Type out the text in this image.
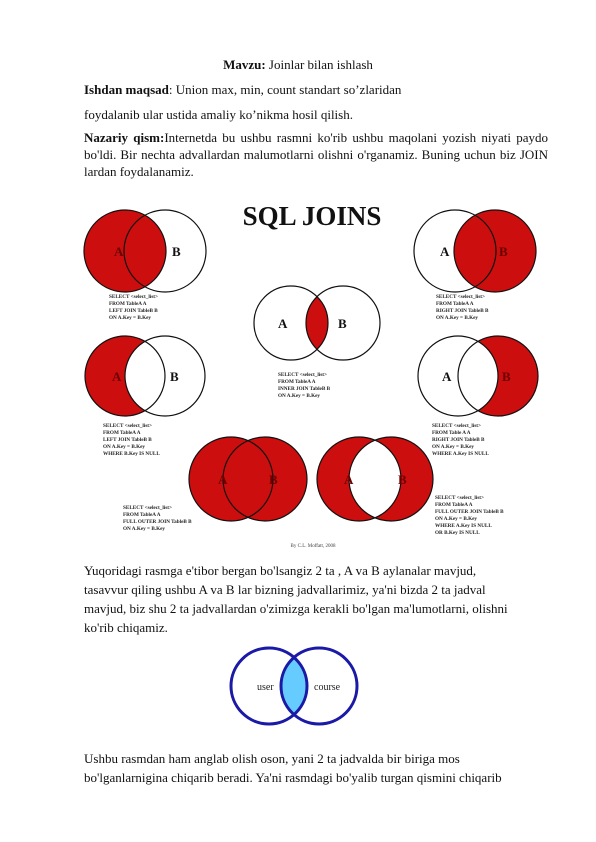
Mavzu: Joinlar bilan ishlash
Ishdan maqsad: Union max, min, count standart so’zlaridan
foydalanib ular ustida amaliy ko’nikma hosil qilish.
Nazariy qism:Internetda bu ushbu rasmni ko'rib ushbu maqolani yozish niyati paydo bo'ldi. Bir nechta advallardan malumotlarni olishni o'rganamiz. Buning uchun biz JOIN lardan foydalanamiz.
SQL JOINS
A	B
SELECT <select_list>
FROM TableA A
LEFT JOIN TableB B
ON A.Key = B.Key
A	B
SELECT <select_list>
FROM TableA A
RIGHT JOIN TableB B
ON A.Key = B.Key
A	B
SELECT <select_list>
FROM TableA A
INNER JOIN TableB B
ON A.Key = B.Key
A	B
SELECT <select_list>
FROM TableA A
LEFT JOIN TableB B
ON A.Key = B.Key
WHERE B.Key IS NULL
A	B
SELECT <select_list>
FROM Table A A
RIGHT JOIN TableB B
ON A.Key = B.Key
WHERE A.Key IS NULL
A	B
SELECT <select_list>
FROM TableA A
FULL OUTER JOIN TableB B
ON A.Key = B.Key
A	B
SELECT <select_list>
FROM TableA A
FULL OUTER JOIN TableB B
ON A.Key = B.Key
WHERE A.Key IS NULL
OR B.Key IS NULL
By C.L. Moffatt, 2008
Yuqoridagi rasmga e'tibor bergan bo'lsangiz 2 ta , A va B aylanalar mavjud,
tasavvur qiling ushbu A va B lar bizning jadvallarimiz, ya'ni bizda 2 ta jadval
mavjud, biz shu 2 ta jadvallardan o'zimizga kerakli bo'lgan ma'lumotlarni, olishni
ko'rib chiqamiz.
user	course
Ushbu rasmdan ham anglab olish oson, yani 2 ta jadvalda bir biriga mos
bo'lganlarnigina chiqarib beradi. Ya'ni rasmdagi bo'yalib turgan qismini chiqarib
